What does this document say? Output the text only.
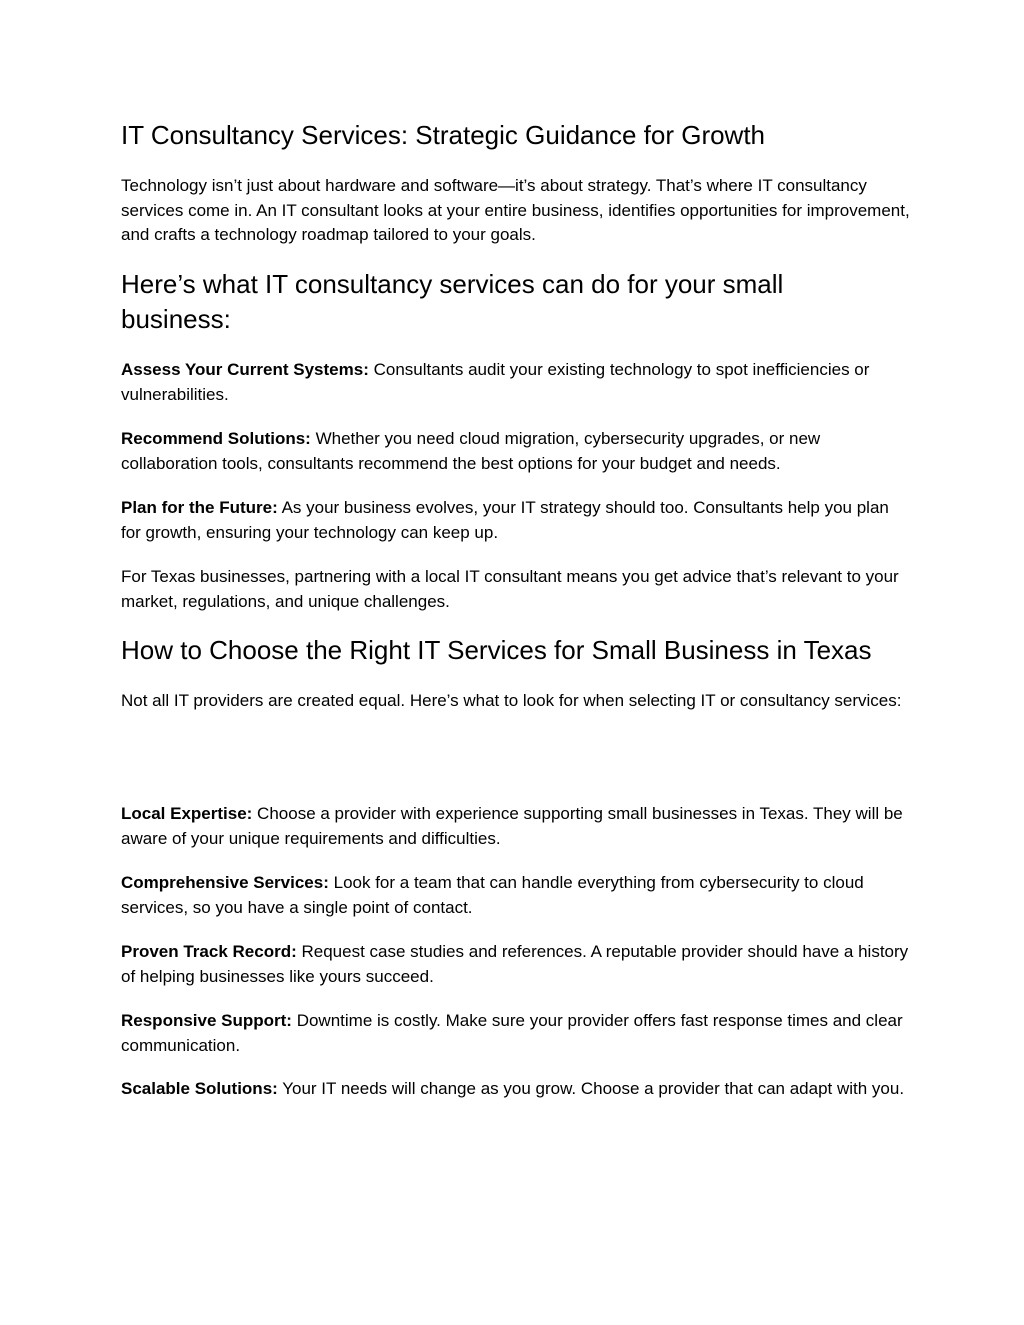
IT Consultancy Services: Strategic Guidance for Growth

Technology isn’t just about hardware and software—it’s about strategy. That’s where IT consultancy services come in. An IT consultant looks at your entire business, identifies opportunities for improvement, and crafts a technology roadmap tailored to your goals.

Here’s what IT consultancy services can do for your small business:

Assess Your Current Systems: Consultants audit your existing technology to spot inefficiencies or vulnerabilities.

Recommend Solutions: Whether you need cloud migration, cybersecurity upgrades, or new collaboration tools, consultants recommend the best options for your budget and needs.

Plan for the Future: As your business evolves, your IT strategy should too. Consultants help you plan for growth, ensuring your technology can keep up.

For Texas businesses, partnering with a local IT consultant means you get advice that’s relevant to your market, regulations, and unique challenges.

How to Choose the Right IT Services for Small Business in Texas

Not all IT providers are created equal. Here’s what to look for when selecting IT or consultancy services:

Local Expertise: Choose a provider with experience supporting small businesses in Texas. They will be aware of your unique requirements and difficulties.

Comprehensive Services: Look for a team that can handle everything from cybersecurity to cloud services, so you have a single point of contact.

Proven Track Record: Request case studies and references. A reputable provider should have a history of helping businesses like yours succeed.

Responsive Support: Downtime is costly. Make sure your provider offers fast response times and clear communication.

Scalable Solutions: Your IT needs will change as you grow. Choose a provider that can adapt with you.
